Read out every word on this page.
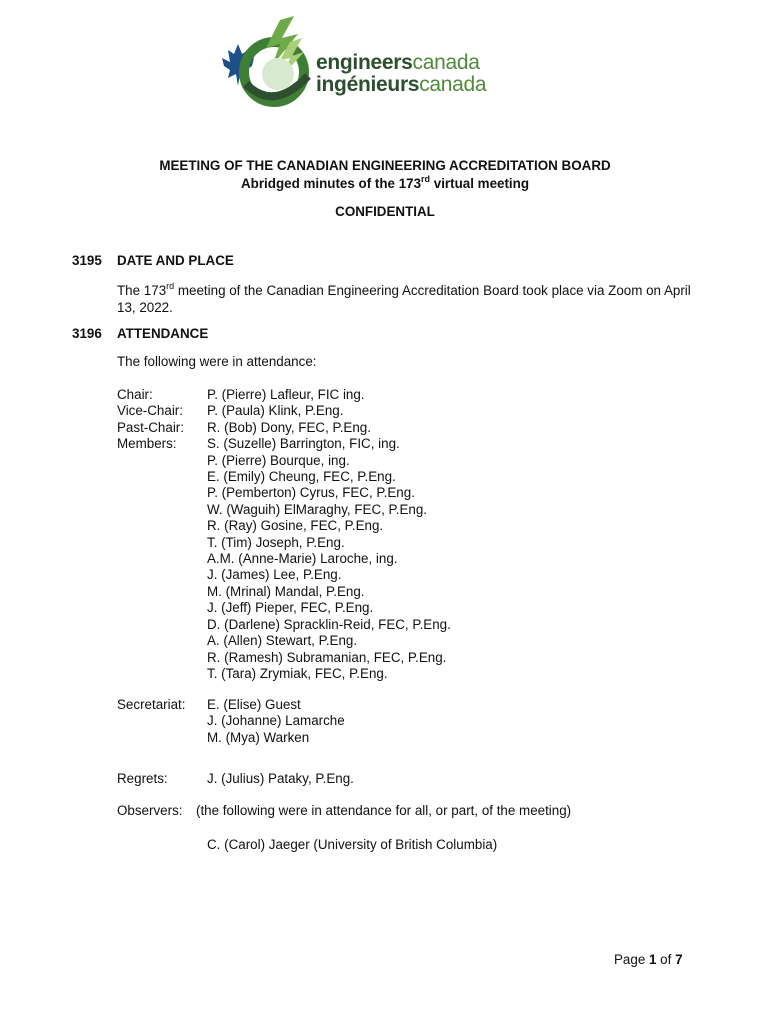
engineerscanada
ingénieurscanada
MEETING OF THE CANADIAN ENGINEERING ACCREDITATION BOARD
Abridged minutes of the 173rd virtual meeting
CONFIDENTIAL
3195 DATE AND PLACE
The 173rd meeting of the Canadian Engineering Accreditation Board took place via Zoom on April 13, 2022.
3196 ATTENDANCE
The following were in attendance:
Chair:
Vice-Chair:
Past-Chair:
Members:
P. (Pierre) Lafleur, FIC ing.
P. (Paula) Klink, P.Eng.
R. (Bob) Dony, FEC, P.Eng.
S. (Suzelle) Barrington, FIC, ing.
P. (Pierre) Bourque, ing.
E. (Emily) Cheung, FEC, P.Eng.
P. (Pemberton) Cyrus, FEC, P.Eng.
W. (Waguih) ElMaraghy, FEC, P.Eng.
R. (Ray) Gosine, FEC, P.Eng.
T. (Tim) Joseph, P.Eng.
A.M. (Anne-Marie) Laroche, ing.
J. (James) Lee, P.Eng.
M. (Mrinal) Mandal, P.Eng.
J. (Jeff) Pieper, FEC, P.Eng.
D. (Darlene) Spracklin-Reid, FEC, P.Eng.
A. (Allen) Stewart, P.Eng.
R. (Ramesh) Subramanian, FEC, P.Eng.
T. (Tara) Zrymiak, FEC, P.Eng.
Secretariat: E. (Elise) Guest
J. (Johanne) Lamarche
M. (Mya) Warken
Regrets:	J. (Julius) Pataky, P.Eng.
Observers: (the following were in attendance for all, or part, of the meeting)
C. (Carol) Jaeger (University of British Columbia)
Page 1 of 7
